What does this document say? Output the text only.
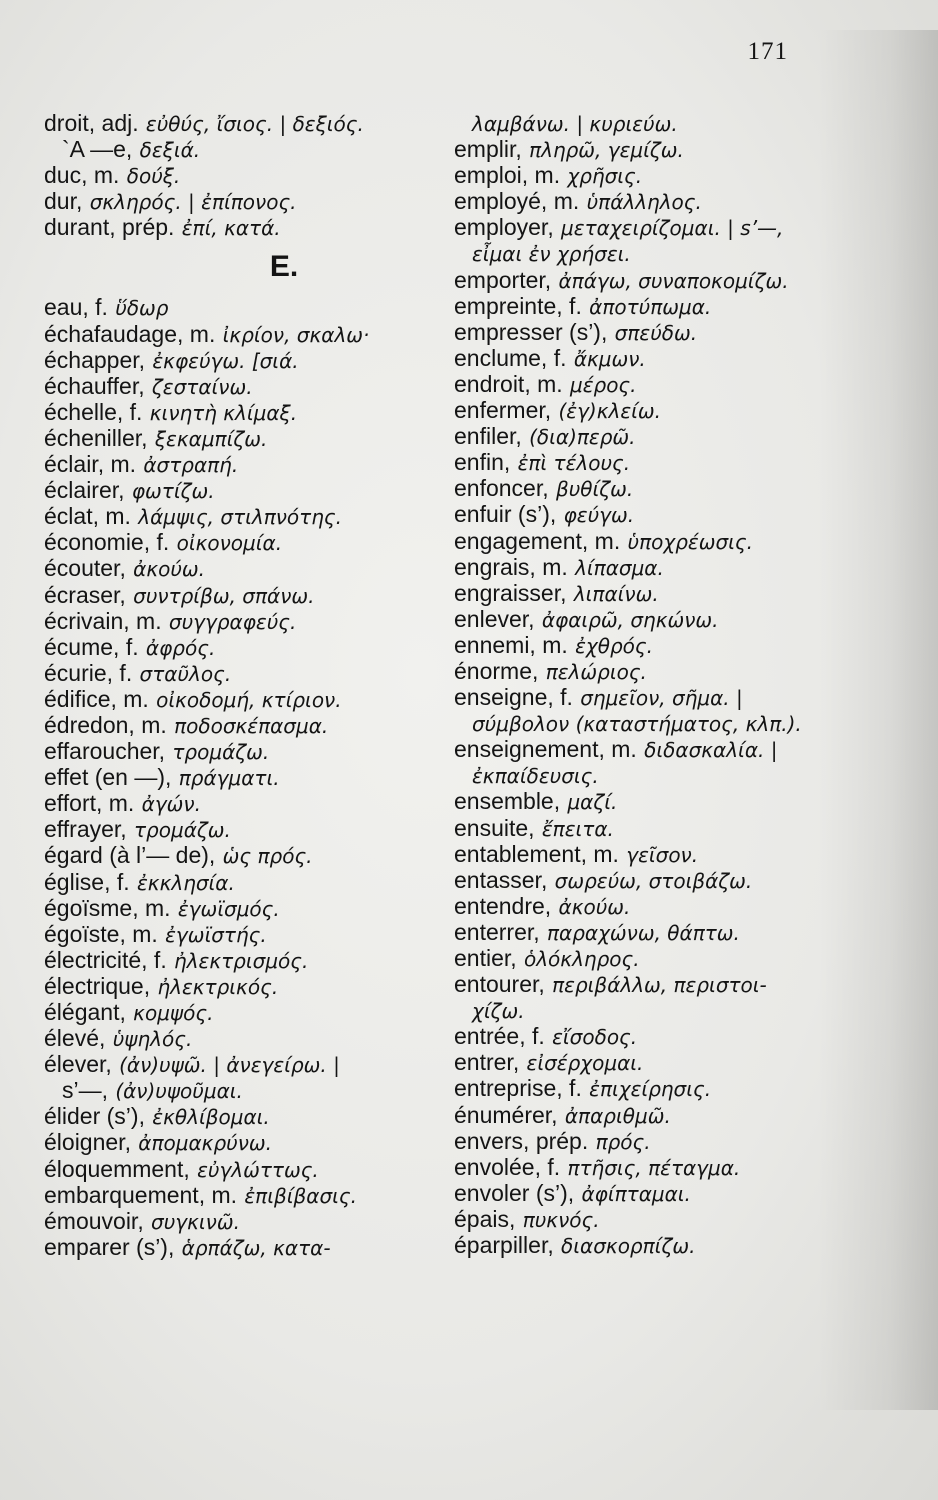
171
droit, adj. εὐθύς, ἴσιος. | δεξιός.
`A —e, δεξιά.
duc, m. δούξ.
dur, σκληρός. | ἐπίπονος.
durant, prép. ἐπί, κατά.
E.
eau, f. ὕδωρ
échafaudage, m. ἰκρίον, σκαλω·
échapper, ἐκφεύγω. [σιά.
échauffer, ζεσταίνω.
échelle, f. κινητὴ κλίμαξ.
écheniller, ξεκαμπίζω.
éclair, m. ἀστραπή.
éclairer, φωτίζω.
éclat, m. λάμψις, στιλπνότης.
économie, f. οἰκονομία.
écouter, ἀκούω.
écraser, συντρίβω, σπάνω.
écrivain, m. συγγραφεύς.
écume, f. ἀφρός.
écurie, f. σταῦλος.
édifice, m. οἰκοδομή, κτίριον.
édredon, m. ποδοσκέπασμα.
effaroucher, τρομάζω.
effet (en —), πράγματι.
effort, m. ἀγών.
effrayer, τρομάζω.
égard (à l’— de), ὡς πρός.
église, f. ἐκκλησία.
égoïsme, m. ἐγωϊσμός.
égoïste, m. ἐγωϊστής.
électricité, f. ἠλεκτρισμός.
électrique, ἠλεκτρικός.
élégant, κομψός.
élevé, ὑψηλός.
élever, (ἀν)υψῶ. | ἀνεγείρω. |
s’—, (ἀν)υψοῦμαι.
élider (s’), ἐκθλίβομαι.
éloigner, ἀπομακρύνω.
éloquemment, εὐγλώττως.
embarquement, m. ἐπιβίβασις.
émouvoir, συγκινῶ.
emparer (s’), ἁρπάζω, κατα-
λαμβάνω. | κυριεύω.
emplir, πληρῶ, γεμίζω.
emploi, m. χρῆσις.
employé, m. ὑπάλληλος.
employer, μεταχειρίζομαι. | s’—,
εἶμαι ἐν χρήσει.
emporter, ἀπάγω, συναποκομίζω.
empreinte, f. ἀποτύπωμα.
empresser (s’), σπεύδω.
enclume, f. ἄκμων.
endroit, m. μέρος.
enfermer, (ἐγ)κλείω.
enfiler, (δια)περῶ.
enfin, ἐπὶ τέλους.
enfoncer, βυθίζω.
enfuir (s’), φεύγω.
engagement, m. ὑποχρέωσις.
engrais, m. λίπασμα.
engraisser, λιπαίνω.
enlever, ἀφαιρῶ, σηκώνω.
ennemi, m. ἐχθρός.
énorme, πελώριος.
enseigne, f. σημεῖον, σῆμα. |
σύμβολον (καταστήματος, κλπ.).
enseignement, m. διδασκαλία. |
ἐκπαίδευσις.
ensemble, μαζί.
ensuite, ἔπειτα.
entablement, m. γεῖσον.
entasser, σωρεύω, στοιβάζω.
entendre, ἀκούω.
enterrer, παραχώνω, θάπτω.
entier, ὁλόκληρος.
entourer, περιβάλλω, περιστοι-
χίζω.
entrée, f. εἴσοδος.
entrer, εἰσέρχομαι.
entreprise, f. ἐπιχείρησις.
énumérer, ἀπαριθμῶ.
envers, prép. πρός.
envolée, f. πτῆσις, πέταγμα.
envoler (s’), ἀφίπταμαι.
épais, πυκνός.
éparpiller, διασκορπίζω.
